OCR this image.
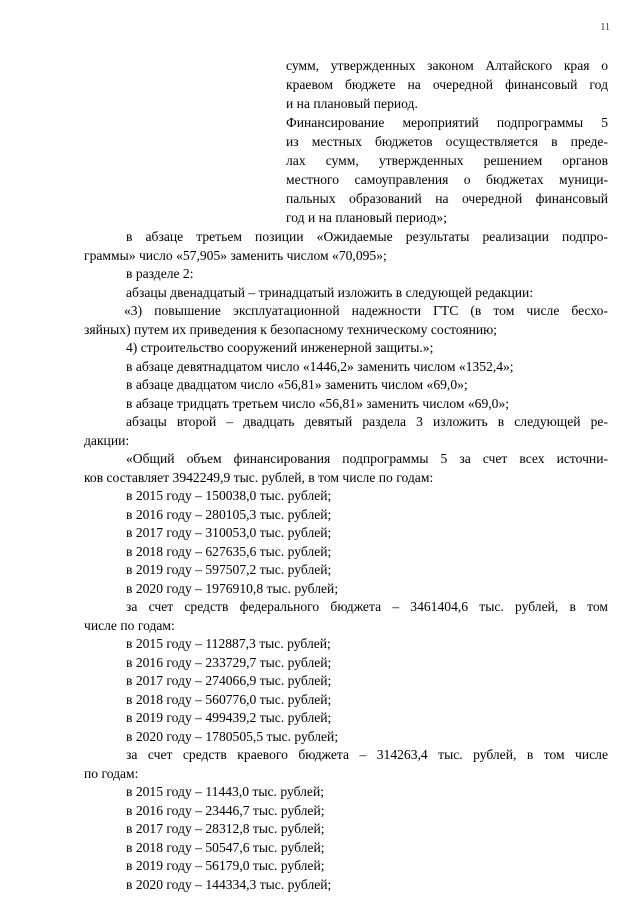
11
сумм, утвержденных законом Алтайского края о
краевом бюджете на очередной финансовый год
и на плановый период.
Финансирование мероприятий подпрограммы 5
из местных бюджетов осуществляется в преде-
лах сумм, утвержденных решением органов
местного самоуправления о бюджетах муници-
пальных образований на очередной финансовый
год и на плановый период»;
в абзаце третьем позиции «Ожидаемые результаты реализации подпро-
граммы» число «57,905» заменить числом «70,095»;
в разделе 2:
абзацы двенадцатый – тринадцатый изложить в следующей редакции:
«3) повышение эксплуатационной надежности ГТС (в том числе бесхо-
зяйных) путем их приведения к безопасному техническому состоянию;
4) строительство сооружений инженерной защиты.»;
в абзаце девятнадцатом число «1446,2» заменить числом «1352,4»;
в абзаце двадцатом число «56,81» заменить числом «69,0»;
в абзаце тридцать третьем число «56,81» заменить числом «69,0»;
абзацы второй – двадцать девятый раздела 3 изложить в следующей ре-
дакции:
«Общий объем финансирования подпрограммы 5 за счет всех источни-
ков составляет 3942249,9 тыс. рублей, в том числе по годам:
в 2015 году – 150038,0 тыс. рублей;
в 2016 году – 280105,3 тыс. рублей;
в 2017 году – 310053,0 тыс. рублей;
в 2018 году – 627635,6 тыс. рублей;
в 2019 году – 597507,2 тыс. рублей;
в 2020 году – 1976910,8 тыс. рублей;
за счет средств федерального бюджета – 3461404,6 тыс. рублей, в том
числе по годам:
в 2015 году – 112887,3 тыс. рублей;
в 2016 году – 233729,7 тыс. рублей;
в 2017 году – 274066,9 тыс. рублей;
в 2018 году – 560776,0 тыс. рублей;
в 2019 году – 499439,2 тыс. рублей;
в 2020 году – 1780505,5 тыс. рублей;
за счет средств краевого бюджета – 314263,4 тыс. рублей, в том числе
по годам:
в 2015 году – 11443,0 тыс. рублей;
в 2016 году – 23446,7 тыс. рублей;
в 2017 году – 28312,8 тыс. рублей;
в 2018 году – 50547,6 тыс. рублей;
в 2019 году – 56179,0 тыс. рублей;
в 2020 году – 144334,3 тыс. рублей;
